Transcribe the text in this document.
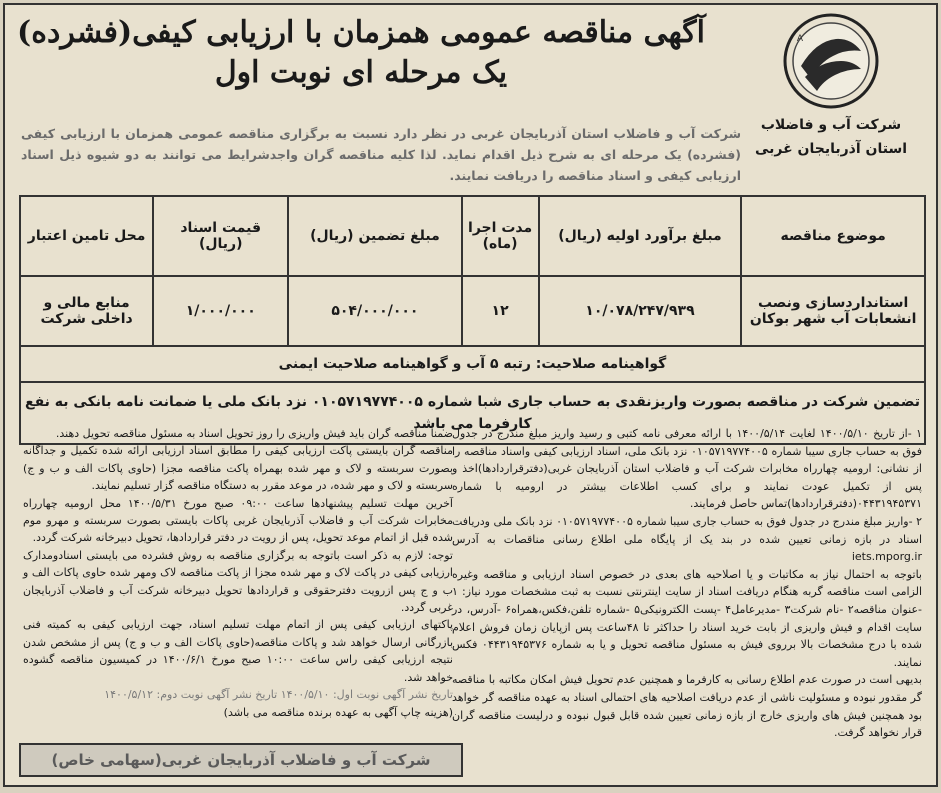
آگهی مناقصه عمومی همزمان با ارزیابی کیفی(فشرده)
یک مرحله ای نوبت اول
A
شرکت آب و فاضلاب
استان آذربایجان غربی
شرکت آب و فاضلاب استان آذربایجان غربی در نظر دارد نسبت به برگزاری مناقصه عمومی همزمان با ارزیابی کیفی (فشرده) یک مرحله ای به شرح ذیل اقدام نماید. لذا کلیه مناقصه گران واجدشرایط می توانند به دو شیوه ذیل اسناد ارزیابی کیفی و اسناد مناقصه را دریافت نمایند.
موضوع مناقصه	مبلغ برآورد اولیه (ریال)	مدت اجرا (ماه)	مبلغ تضمین (ریال)	قیمت اسناد (ریال)	محل تامین اعتبار
استانداردسازی ونصب انشعابات آب شهر بوکان	۱۰/۰۷۸/۲۴۷/۹۳۹	۱۲	۵۰۴/۰۰۰/۰۰۰	۱/۰۰۰/۰۰۰	منابع مالی و داخلی شرکت
گواهینامه صلاحیت: رتبه ۵ آب و گواهینامه صلاحیت ایمنی					
تضمین شرکت در مناقصه بصورت واریزنقدی به حساب جاری شبا شماره ۰۱۰۵۷۱۹۷۷۴۰۰۵ نزد بانک ملی یا ضمانت نامه بانکی به نفع کارفرما می باشد					

۱ -از تاریخ ۱۴۰۰/۵/۱۰ لغایت ۱۴۰۰/۵/۱۴ با ارائه معرفی نامه کتبی و رسید واریز مبلغ مندرج در جدول فوق به حساب جاری سیبا شماره ۰۱۰۵۷۱۹۷۷۴۰۰۵ نزد بانک ملی، اسناد ارزیابی کیفی واسناد مناقصه را از نشانی: ارومیه چهارراه مخابرات شرکت آب و فاضلاب استان آذربایجان غربی(دفترقراردادها)اخذ و پس از تکمیل عودت نمایند و برای کسب اطلاعات بیشتر در ارومیه با شماره ۰۴۴۳۱۹۴۵۳۷۱(دفترقراردادها)تماس حاصل فرمایند.

۲ -واریز مبلغ مندرج در جدول فوق به حساب جاری سیبا شماره ۰۱۰۵۷۱۹۷۷۴۰۰۵ نزد بانک ملی ودریافت اسناد در بازه زمانی تعیین شده در بند یک از پایگاه ملی اطلاع رسانی مناقصات به آدرس iets.mporg.ir

باتوجه به احتمال نیاز به مکاتبات و یا اصلاحیه های بعدی در خصوص اسناد ارزیابی و مناقصه وغیره الزامی است مناقصه گربه هنگام دریافت اسناد از سایت اینترنتی نسبت به ثبت مشخصات مورد نیاز: ۱ -عنوان مناقصه۲ -نام شرکت۳ -مدیرعامل۴ -پست الکترونیکی۵ -شماره تلفن،فکس،همراه۶ -آدرس، در سایت اقدام و فیش واریزی از بابت خرید اسناد را حداکثر تا ۴۸ساعت پس ازپایان زمان فروش اعلام شده با درج مشخصات بالا برروی فیش به مسئول مناقصه تحویل و یا به شماره ۰۴۴۳۱۹۴۵۳۷۶ فکس نمایند.

بدیهی است در صورت عدم اطلاع رسانی به کارفرما و همچنین عدم تحویل فیش امکان مکاتبه با مناقصه گر مقدور نبوده و مسئولیت ناشی از عدم دریافت اصلاحیه های احتمالی اسناد به عهده مناقصه گر خواهد بود همچنین فیش های واریزی خارج از بازه زمانی تعیین شده قابل قبول نبوده و درلیست مناقصه گران قرار نخواهد گرفت.

ضمنا مناقصه گران باید فیش واریزی را روز تحویل اسناد به مسئول مناقصه تحویل دهند.

مناقصه گران بایستی پاکت ارزیابی کیفی را مطابق اسناد ارزیابی ارائه شده تکمیل و جداگانه بصورت سربسته و لاک و مهر شده بهمراه پاکت مناقصه مجزا (حاوی پاکات الف و ب و ج) سربسته و لاک و مهر شده، در موعد مقرر به دستگاه مناقصه گزار تسلیم نمایند.

آخرین مهلت تسلیم پیشنهادها ساعت ۰۹:۰۰ صبح مورخ ۱۴۰۰/۵/۳۱ محل ارومیه چهارراه مخابرات شرکت آب و فاضلاب آذربایجان غربی پاکات بایستی بصورت سربسته و مهرو موم شده قبل از اتمام موعد تحویل، پس از رویت در دفتر قراردادها، تحویل دبیرخانه شرکت گردد.

توجه: لازم به ذکر است باتوجه به برگزاری مناقصه به روش فشرده می بایستی اسنادومدارک ارزیابی کیفی در پاکت لاک و مهر شده مجزا از پاکت مناقصه لاک ومهر شده حاوی پاکات الف و ب و ج پس ازرویت دفترحقوقی و قراردادها تحویل دبیرخانه شرکت آب و فاضلاب آذربایجان غربی گردد.

پاکتهای ارزیابی کیفی پس از اتمام مهلت تسلیم اسناد، جهت ارزیابی کیفی به کمیته فنی بازرگانی ارسال خواهد شد و پاکات مناقصه(حاوی پاکات الف و ب و ج) پس از مشخص شدن نتیجه ارزیابی کیفی راس ساعت ۱۰:۰۰ صبح مورخ ۱۴۰۰/۶/۱ در کمیسیون مناقصه گشوده خواهد شد.

تاریخ نشر آگهی نوبت اول: ۱۴۰۰/۵/۱۰ تاریخ نشر آگهی نوبت دوم: ۱۴۰۰/۵/۱۲

(هزینه چاپ آگهی به عهده برنده مناقصه می باشد)

شرکت آب و فاضلاب آذربایجان غربی(سهامی خاص)
